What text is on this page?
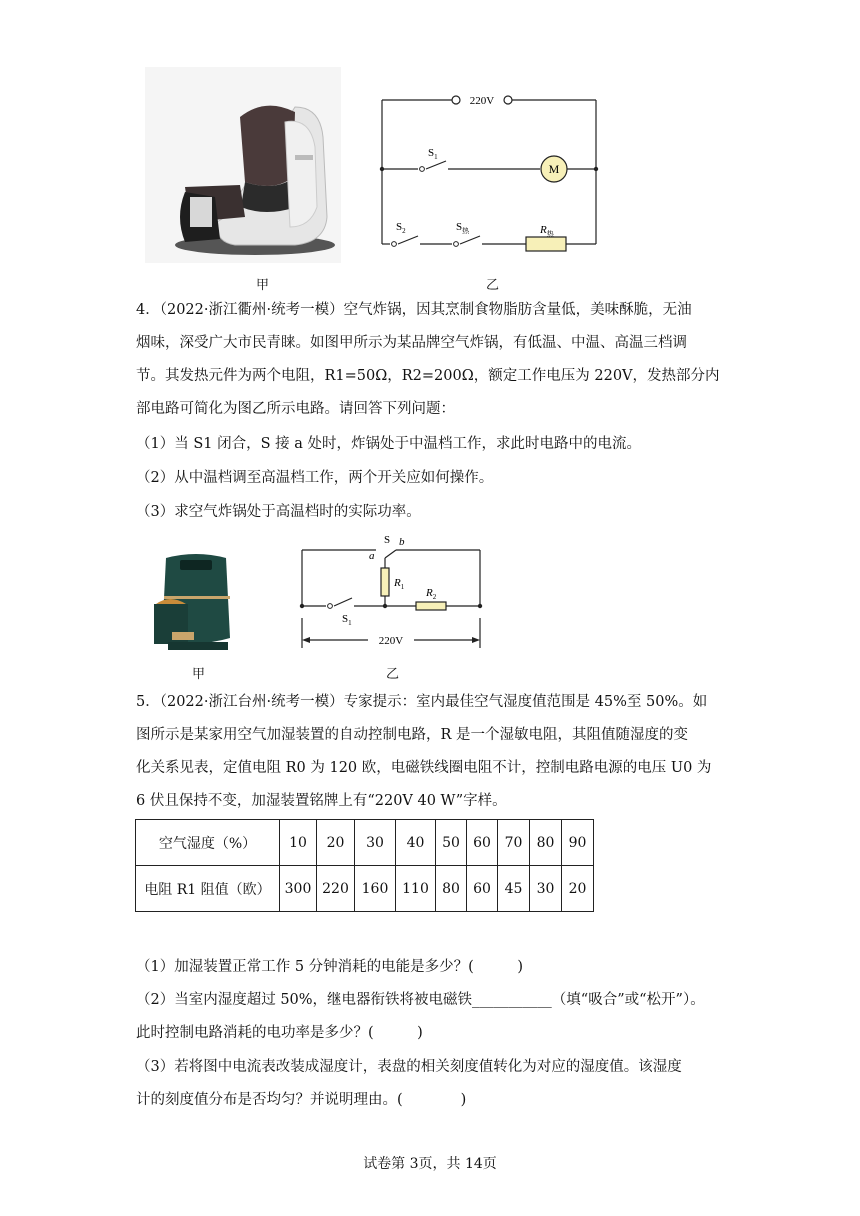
甲
220V
$S_1$
M
$S_2$	$S_热$	$R_热$
乙
4．（2022·浙江衢州·统考一模）空气炸锅，因其烹制食物脂肪含量低，美味酥脆，无油
烟味，深受广大市民青睐。如图甲所示为某品牌空气炸锅，有低温、中温、高温三档调
节。其发热元件为两个电阻，R1=50Ω，R2=200Ω，额定工作电压为 220V，发热部分内
部电路可简化为图乙所示电路。请回答下列问题：
（1）当 S1 闭合，S 接 a 处时，炸锅处于中温档工作，求此时电路中的电流。
（2）从中温档调至高温档工作，两个开关应如何操作。
（3）求空气炸锅处于高温档时的实际功率。
甲
S
a
b
$R_1$ $R_2$
$S_1$
220V
乙
5．（2022·浙江台州·统考一模）专家提示：室内最佳空气湿度值范围是 45%至 50%。如
图所示是某家用空气加湿装置的自动控制电路，R 是一个湿敏电阻，其阻值随湿度的变
化关系见表，定值电阻 R0 为 120 欧，电磁铁线圈电阻不计，控制电路电源的电压 U0 为
6 伏且保持不变，加湿装置铭牌上有“220V 40 W”字样。
空气湿度（%）	10	20	30	40	50	60	70	80	90
电阻 R1 阻值（欧）	300	220	160	110	80	60	45	30	20
（1）加湿装置正常工作 5 分钟消耗的电能是多少？(　　　)
（2）当室内湿度超过 50%，继电器衔铁将被电磁铁___________（填“吸合”或“松开”）。
此时控制电路消耗的电功率是多少？(　　　)
（3）若将图中电流表改装成湿度计，表盘的相关刻度值转化为对应的湿度值。该湿度
计的刻度值分布是否均匀？并说明理由。(　　　　)
试卷第 3页，共 14页
